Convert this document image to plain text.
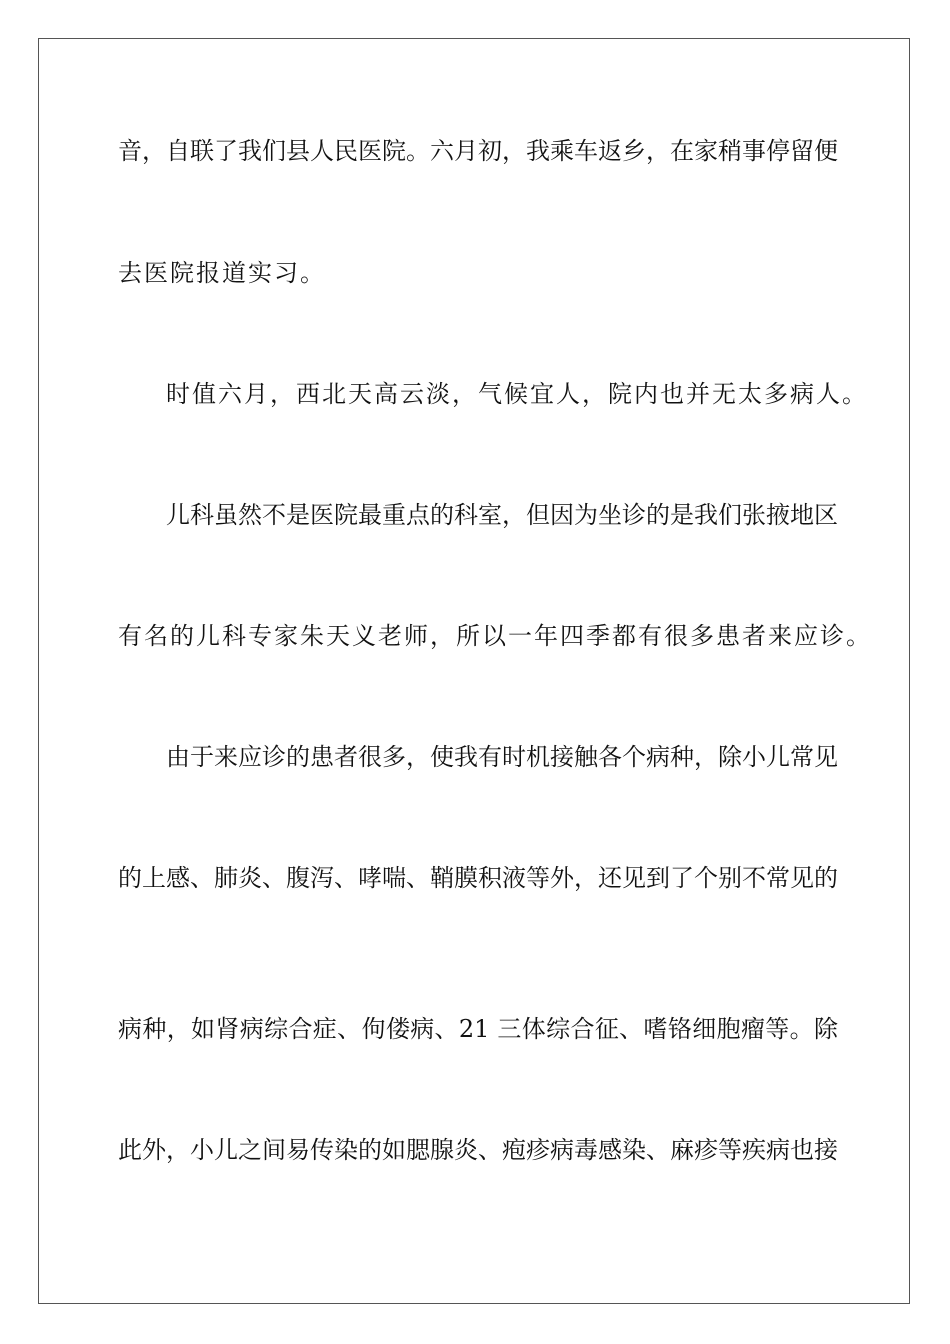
音，自联了我们县人民医院。六月初，我乘车返乡，在家稍事停留便
去医院报道实习。
时值六月，西北天高云淡，气候宜人，院内也并无太多病人。
儿科虽然不是医院最重点的科室，但因为坐诊的是我们张掖地区
有名的儿科专家朱天义老师，所以一年四季都有很多患者来应诊。
由于来应诊的患者很多，使我有时机接触各个病种，除小儿常见
的上感、肺炎、腹泻、哮喘、鞘膜积液等外，还见到了个别不常见的
病种，如肾病综合症、佝偻病、21 三体综合征、嗜铬细胞瘤等。除
此外，小儿之间易传染的如腮腺炎、疱疹病毒感染、麻疹等疾病也接
